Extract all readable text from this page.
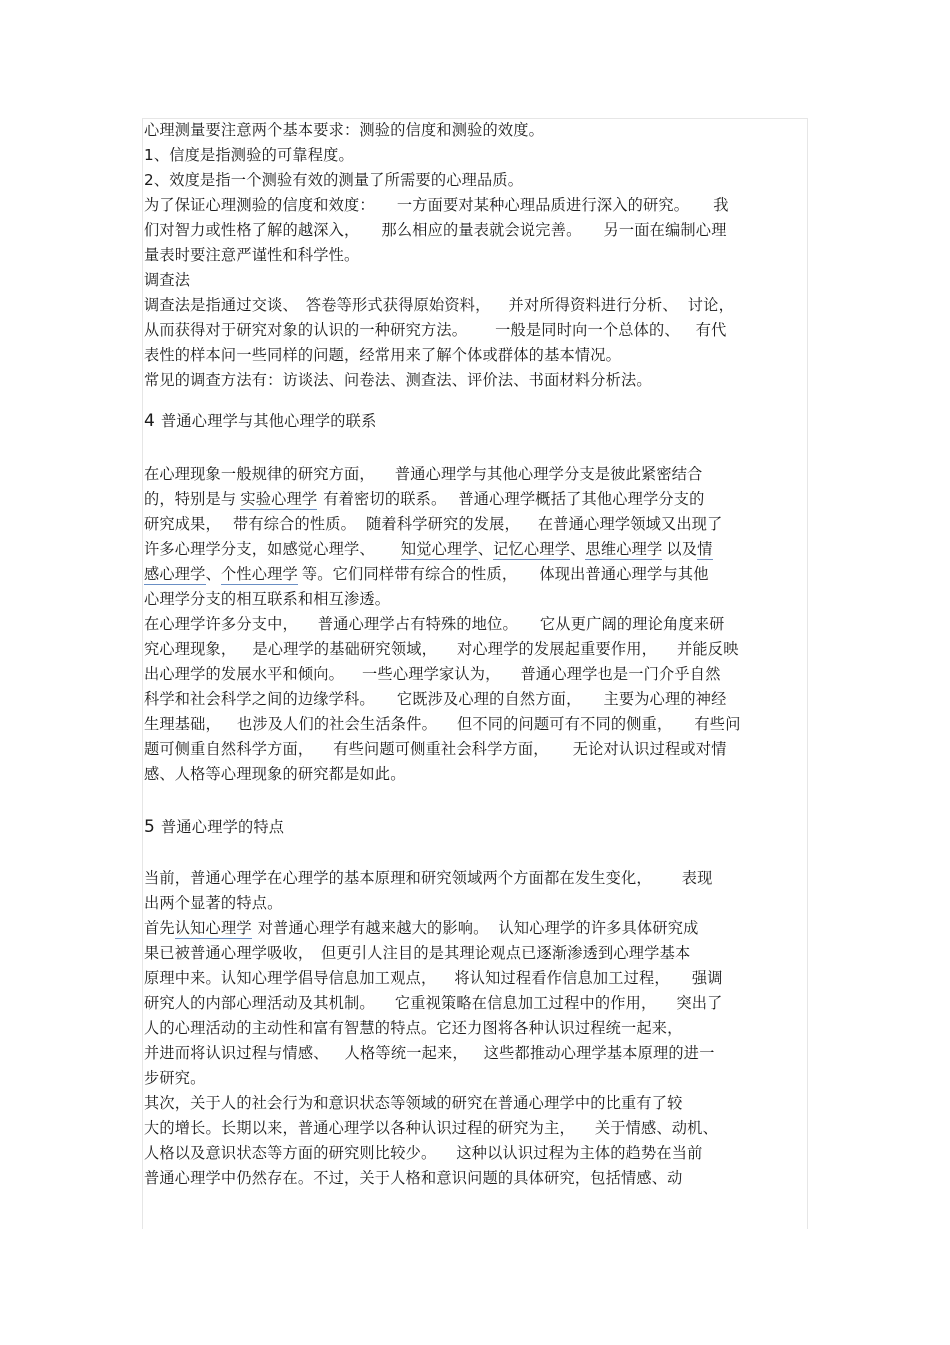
心理测量要注意两个基本要求：测验的信度和测验的效度。
1、信度是指测验的可靠程度。
2、效度是指一个测验有效的测量了所需要的心理品质。
为了保证心理测验的信度和效度： 一方面要对某种心理品质进行深入的研究。 我
们对智力或性格了解的越深入， 那么相应的量表就会说完善。 另一面在编制心理
量表时要注意严谨性和科学性。
调查法
调查法是指通过交谈、 答卷等形式获得原始资料， 并对所得资料进行分析、 讨论，
从而获得对于研究对象的认识的一种研究方法。 一般是同时向一个总体的、 有代
表性的样本问一些同样的问题，经常用来了解个体或群体的基本情况。
常见的调查方法有：访谈法、问卷法、测查法、评价法、书面材料分析法。
4 普通心理学与其他心理学的联系
在心理现象一般规律的研究方面， 普通心理学与其他心理学分支是彼此紧密结合
的，特别是与 实验心理学 有着密切的联系。 普通心理学概括了其他心理学分支的
研究成果， 带有综合的性质。 随着科学研究的发展， 在普通心理学领域又出现了
许多心理学分支，如感觉心理学、 知觉心理学、记忆心理学、思维心理学 以及情
感心理学、个性心理学 等。它们同样带有综合的性质， 体现出普通心理学与其他
心理学分支的相互联系和相互渗透。
在心理学许多分支中， 普通心理学占有特殊的地位。 它从更广阔的理论角度来研
究心理现象， 是心理学的基础研究领域， 对心理学的发展起重要作用， 并能反映
出心理学的发展水平和倾向。 一些心理学家认为， 普通心理学也是一门介乎自然
科学和社会科学之间的边缘学科。 它既涉及心理的自然方面， 主要为心理的神经
生理基础， 也涉及人们的社会生活条件。 但不同的问题可有不同的侧重， 有些问
题可侧重自然科学方面， 有些问题可侧重社会科学方面， 无论对认识过程或对情
感、人格等心理现象的研究都是如此。
5 普通心理学的特点
当前，普通心理学在心理学的基本原理和研究领域两个方面都在发生变化， 表现
出两个显著的特点。
首先认知心理学 对普通心理学有越来越大的影响。 认知心理学的许多具体研究成
果已被普通心理学吸收，　但更引人注目的是其理论观点已逐渐渗透到心理学基本
原理中来。认知心理学倡导信息加工观点， 将认知过程看作信息加工过程， 强调
研究人的内部心理活动及其机制。 它重视策略在信息加工过程中的作用， 突出了
人的心理活动的主动性和富有智慧的特点。它还力图将各种认识过程统一起来，
并进而将认识过程与情感、 人格等统一起来， 这些都推动心理学基本原理的进一
步研究。
其次，关于人的社会行为和意识状态等领域的研究在普通心理学中的比重有了较
大的增长。长期以来，普通心理学以各种认识过程的研究为主， 关于情感、动机、
人格以及意识状态等方面的研究则比较少。 这种以认识过程为主体的趋势在当前
普通心理学中仍然存在。不过，关于人格和意识问题的具体研究，包括情感、动
